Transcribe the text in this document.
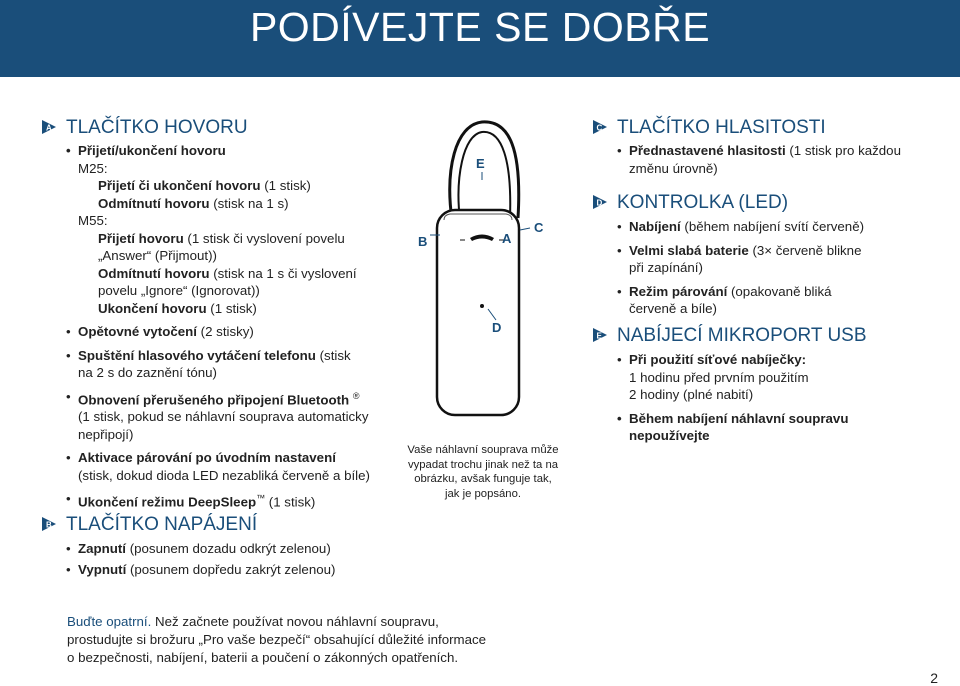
PODÍVEJTE SE DOBŘE
A TLAČÍTKO HOVORU
• Přijetí/ukončení hovoru
M25:
Přijetí či ukončení hovoru (1 stisk)
Odmítnutí hovoru (stisk na 1 s)
M55:
Přijetí hovoru (1 stisk či vyslovení povelu
„Answer“ (Přijmout))
Odmítnutí hovoru (stisk na 1 s či vyslovení
povelu „Ignore“ (Ignorovat))
Ukončení hovoru (1 stisk)
• Opětovné vytočení (2 stisky)
• Spuštění hlasového vytáčení telefonu (stisk
na 2 s do zaznění tónu)
• Obnovení přerušeného připojení Bluetooth ®
(1 stisk, pokud se náhlavní souprava automaticky
nepřipojí)
• Aktivace párování po úvodním nastavení
(stisk, dokud dioda LED nezabliká červeně a bíle)
• Ukončení režimu DeepSleep™ (1 stisk)
B TLAČÍTKO NAPÁJENÍ
• Zapnutí (posunem dozadu odkrýt zelenou)
• Vypnutí (posunem dopředu zakrýt zelenou)
C TLAČÍTKO HLASITOSTI
• Přednastavené hlasitosti (1 stisk pro každou
změnu úrovně)
D KONTROLKA (LED)
• Nabíjení (během nabíjení svítí červeně)
• Velmi slabá baterie (3× červeně blikne
při zapínání)
• Režim párování (opakovaně bliká
červeně a bíle)
E NABÍJECÍ MIKROPORT USB
• Při použití síťové nabíječky:
1 hodinu před prvním použitím
2 hodiny (plné nabití)
• Během nabíjení náhlavní soupravu
nepoužívejte
E
B	A
C
D
Vaše náhlavní souprava může
vypadat trochu jinak než ta na
obrázku, avšak funguje tak,
jak je popsáno.
Buďte opatrní. Než začnete používat novou náhlavní soupravu,
prostudujte si brožuru „Pro vaše bezpečí“ obsahující důležité informace
o bezpečnosti, nabíjení, baterii a poučení o zákonných opatřeních.
2
